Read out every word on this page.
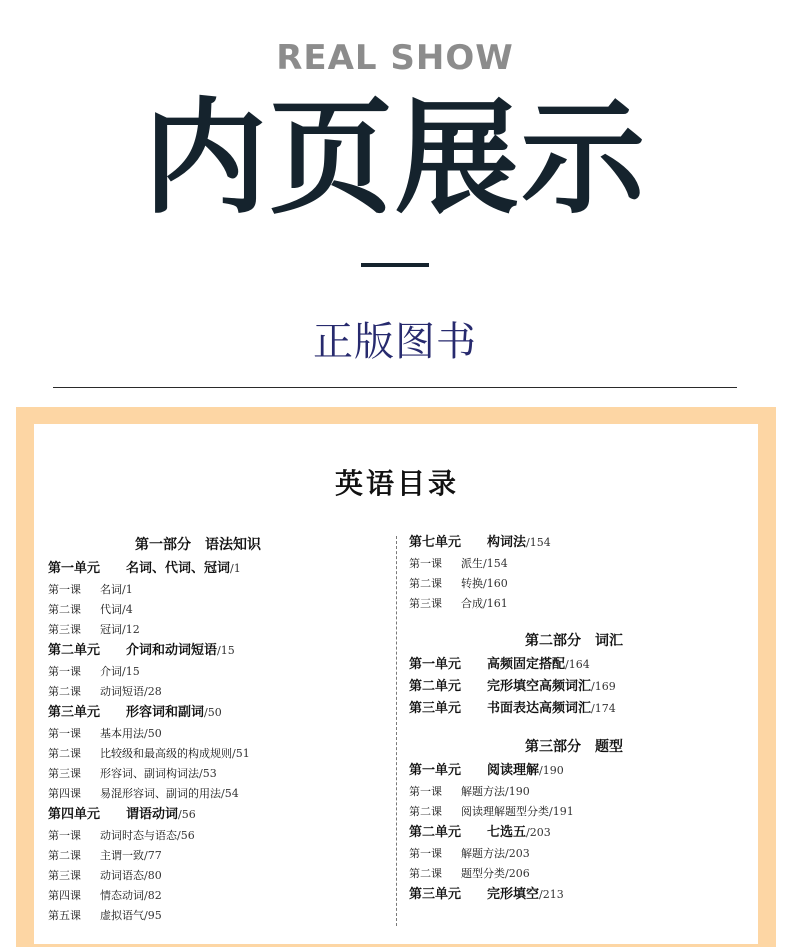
REAL SHOW
内页展示
正版图书
英语目录
第一部分　语法知识
第一单元 名词、代词、冠词/1
第一课 名词/1
第二课 代词/4
第三课 冠词/12
第二单元 介词和动词短语/15
第一课 介词/15
第二课 动词短语/28
第三单元 形容词和副词/50
第一课 基本用法/50
第二课 比较级和最高级的构成规则/51
第三课 形容词、副词构词法/53
第四课 易混形容词、副词的用法/54
第四单元 谓语动词/56
第一课 动词时态与语态/56
第二课 主谓一致/77
第三课 动词语态/80
第四课 情态动词/82
第五课 虚拟语气/95
第七单元 构词法/154
第一课 派生/154
第二课 转换/160
第三课 合成/161
第二部分　词汇
第一单元 高频固定搭配/164
第二单元 完形填空高频词汇/169
第三单元 书面表达高频词汇/174
第三部分　题型
第一单元 阅读理解/190
第一课 解题方法/190
第二课 阅读理解题型分类/191
第二单元 七选五/203
第一课 解题方法/203
第二课 题型分类/206
第三单元 完形填空/213
